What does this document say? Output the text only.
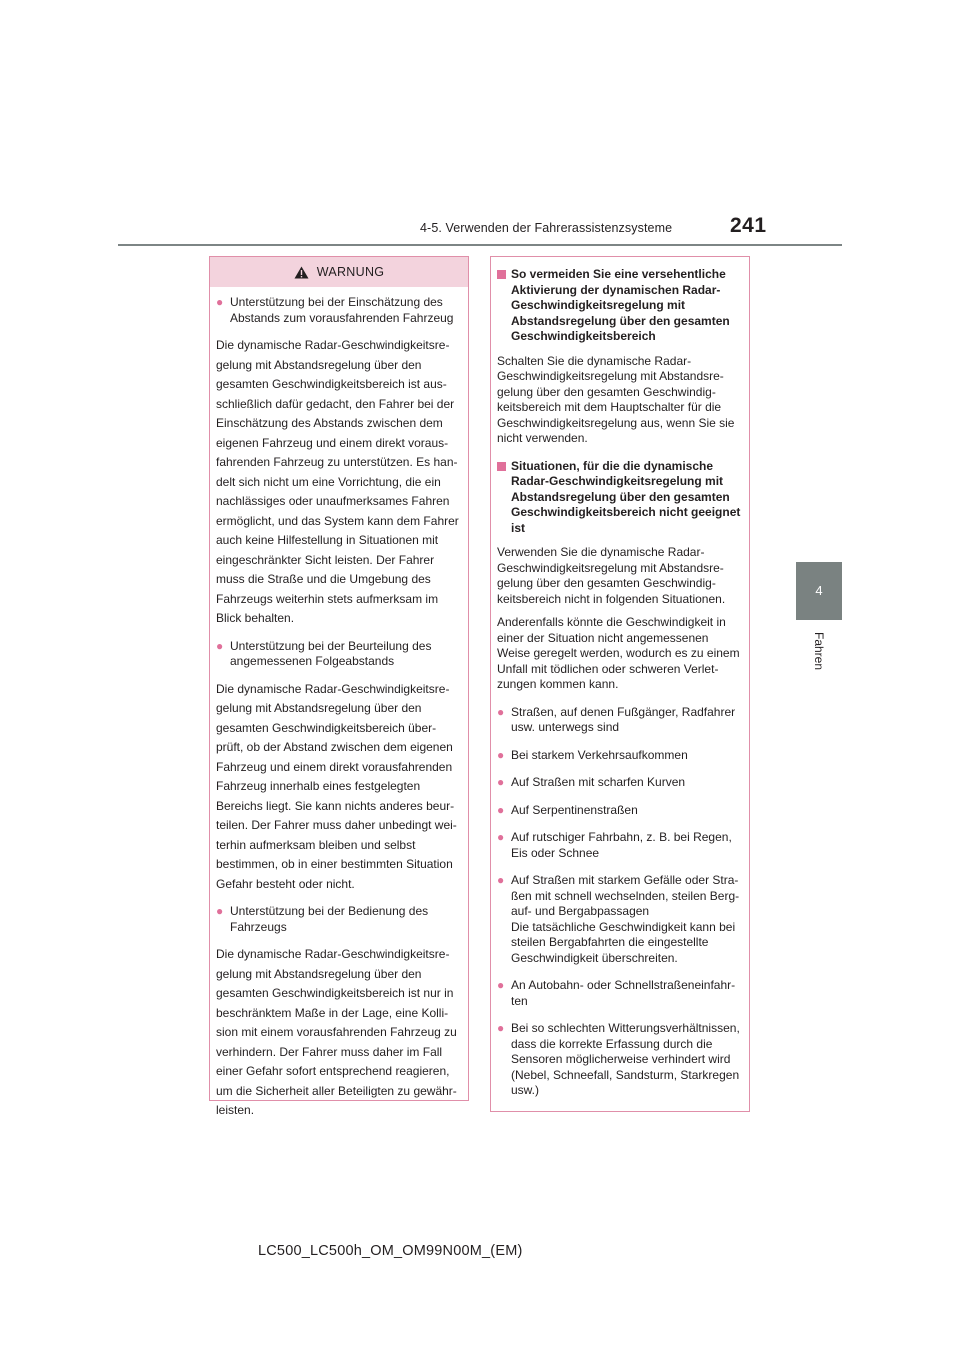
241
4-5. Verwenden der Fahrerassistenzsysteme
4
Fahren
WARNUNG
● Unterstützung bei der Einschätzung des Abstands zum vorausfahrenden Fahrzeug

Die dynamische Radar-Geschwindigkeitsregelung mit Abstandsregelung über den gesamten Geschwindigkeitsbereich ist ausschließlich dafür gedacht, den Fahrer bei der Einschätzung des Abstands zwischen dem eigenen Fahrzeug und einem direkt vorausfahrenden Fahrzeug zu unterstützen. Es handelt sich nicht um eine Vorrichtung, die ein nachlässiges oder unaufmerksames Fahren ermöglicht, und das System kann dem Fahrer auch keine Hilfestellung in Situationen mit eingeschränkter Sicht leisten. Der Fahrer muss die Straße und die Umgebung des Fahrzeugs weiterhin stets aufmerksam im Blick behalten.

● Unterstützung bei der Beurteilung des angemessenen Folgeabstands

Die dynamische Radar-Geschwindigkeitsregelung mit Abstandsregelung über den gesamten Geschwindigkeitsbereich überprüft, ob der Abstand zwischen dem eigenen Fahrzeug und einem direkt vorausfahrenden Fahrzeug innerhalb eines festgelegten Bereichs liegt. Sie kann nichts anderes beurteilen. Der Fahrer muss daher unbedingt weiterhin aufmerksam bleiben und selbst bestimmen, ob in einer bestimmten Situation Gefahr besteht oder nicht.

● Unterstützung bei der Bedienung des Fahrzeugs

Die dynamische Radar-Geschwindigkeitsregelung mit Abstandsregelung über den gesamten Geschwindigkeitsbereich ist nur in beschränktem Maße in der Lage, eine Kollision mit einem vorausfahrenden Fahrzeug zu verhindern. Der Fahrer muss daher im Fall einer Gefahr sofort entsprechend reagieren, um die Sicherheit aller Beteiligten zu gewährleisten.

So vermeiden Sie eine versehentliche Aktivierung der dynamischen Radar-Geschwindigkeitsregelung mit Abstandsregelung über den gesamten Geschwindigkeitsbereich

Schalten Sie die dynamische Radar-Geschwindigkeitsregelung mit Abstandsregelung über den gesamten Geschwindigkeitsbereich mit dem Hauptschalter für die Geschwindigkeitsregelung aus, wenn Sie sie nicht verwenden.

Situationen, für die die dynamische Radar-Geschwindigkeitsregelung mit Abstandsregelung über den gesamten Geschwindigkeitsbereich nicht geeignet ist

Verwenden Sie die dynamische Radar-Geschwindigkeitsregelung mit Abstandsregelung über den gesamten Geschwindigkeitsbereich nicht in folgenden Situationen.

Anderenfalls könnte die Geschwindigkeit in einer der Situation nicht angemessenen Weise geregelt werden, wodurch es zu einem Unfall mit tödlichen oder schweren Verletzungen kommen kann.

● Straßen, auf denen Fußgänger, Radfahrer usw. unterwegs sind
● Bei starkem Verkehrsaufkommen
● Auf Straßen mit scharfen Kurven
● Auf Serpentinenstraßen
● Auf rutschiger Fahrbahn, z. B. bei Regen, Eis oder Schnee
● Auf Straßen mit starkem Gefälle oder Straßen mit schnell wechselnden, steilen Berg- auf- und Bergabpassagen
Die tatsächliche Geschwindigkeit kann bei steilen Bergabfahrten die eingestellte Geschwindigkeit überschreiten.
● An Autobahn- oder Schnellstraßeneinfahrten
● Bei so schlechten Witterungsverhältnissen, dass die korrekte Erfassung durch die Sensoren möglicherweise verhindert wird (Nebel, Schneefall, Sandsturm, Starkregen usw.)
LC500_LC500h_OM_OM99N00M_(EM)
